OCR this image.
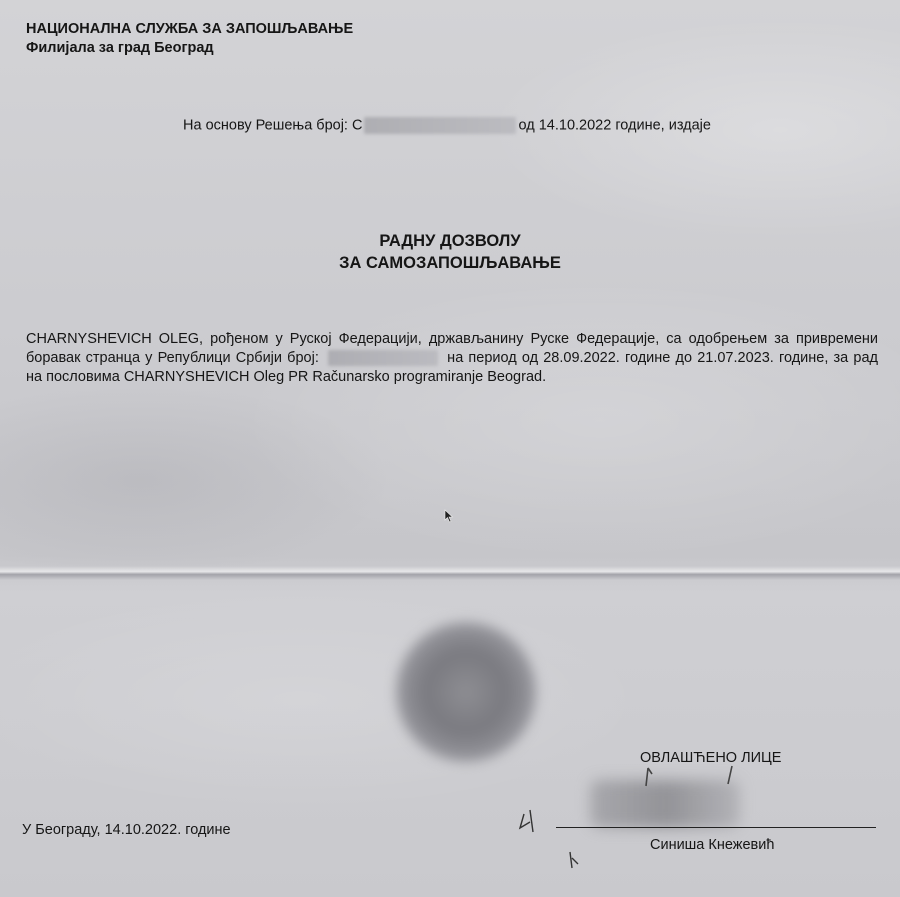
НАЦИОНАЛНА СЛУЖБА ЗА ЗАПОШЉАВАЊЕ
Филијала за град Београд
На основу Решења број: C	од 14.10.2022 године, издаје
РАДНУ ДОЗВОЛУ
ЗА САМОЗАПОШЉАВАЊЕ
CHARNYSHEVICH OLEG, рођеном у Руској Федерацији, држављанину Руске Федерације, са одобрењем за привремени боравак странца у Републици Србији број:	на период од 28.09.2022. године до 21.07.2023. године, за рад на пословима CHARNYSHEVICH Oleg PR Računarsko programiranje Beograd.
ОВЛАШЋЕНО ЛИЦЕ
У Београду, 14.10.2022. године
Синиша Кнежевић
